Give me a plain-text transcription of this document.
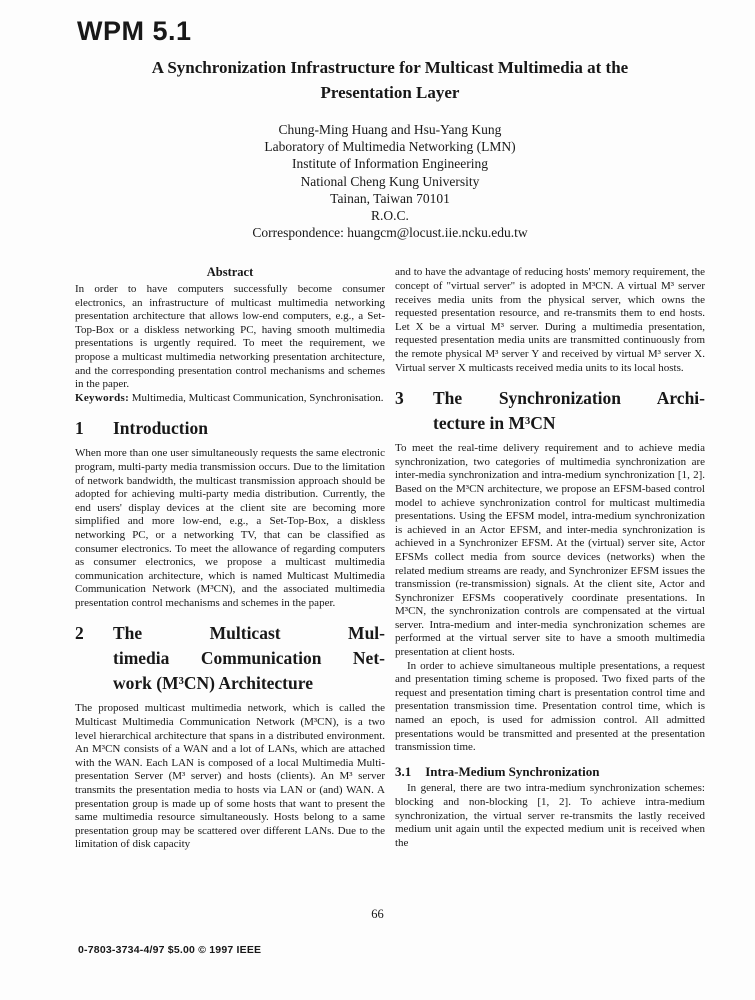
WPM 5.1
A Synchronization Infrastructure for Multicast Multimedia at the
Presentation Layer
Chung-Ming Huang and Hsu-Yang Kung
Laboratory of Multimedia Networking (LMN)
Institute of Information Engineering
National Cheng Kung University
Tainan, Taiwan 70101
R.O.C.
Correspondence: huangcm@locust.iie.ncku.edu.tw
Abstract

In order to have computers successfully become consumer electronics, an infrastructure of multicast multimedia networking presentation architecture that allows low-end computers, e.g., a Set-Top-Box or a diskless networking PC, having smooth multimedia presentations is urgently required. To meet the requirement, we propose a multicast multimedia networking presentation architecture, and the corresponding presentation control mechanisms and schemes in the paper.

Keywords: Multimedia, Multicast Communication, Synchronisation.

1 Introduction

When more than one user simultaneously requests the same electronic program, multi-party media transmission occurs. Due to the limitation of network bandwidth, the multicast transmission approach should be adopted for achieving multi-party media distribution. Currently, the end users' display devices at the client site are becoming more simplified and more low-end, e.g., a Set-Top-Box, a diskless networking PC, or a networking TV, that can be classified as consumer electronics. To meet the allowance of regarding computers as consumer electronics, we propose a multicast multimedia communication architecture, which is named Multicast Multimedia Communication Network (M³CN), and the associated multimedia presentation control mechanisms and schemes in the paper.

2 The Multicast Mul-
timedia Communication Net-
work (M³CN) Architecture

The proposed multicast multimedia network, which is called the Multicast Multimedia Communication Network (M³CN), is a two level hierarchical architecture that spans in a distributed environment. An M³CN consists of a WAN and a lot of LANs, which are attached with the WAN. Each LAN is composed of a local Multimedia Multi-presentation Server (M³ server) and hosts (clients). An M³ server transmits the presentation media to hosts via LAN or (and) WAN. A presentation group is made up of some hosts that want to present the same multimedia resource simultaneously. Hosts belong to a same presentation group may be scattered over different LANs. Due to the limitation of disk capacity

and to have the advantage of reducing hosts' memory requirement, the concept of "virtual server" is adopted in M³CN. A virtual M³ server receives media units from the physical server, which owns the requested presentation resource, and re-transmits them to end hosts. Let X be a virtual M³ server. During a multimedia presentation, requested presentation media units are transmitted continuously from the remote physical M³ server Y and received by virtual M³ server X. Virtual server X multicasts received media units to its local hosts.

3 The Synchronization Archi-
tecture in M³CN

To meet the real-time delivery requirement and to achieve media synchronization, two categories of multimedia synchronization are inter-media synchronization and intra-medium synchronization [1, 2]. Based on the M³CN architecture, we propose an EFSM-based control model to achieve synchronization control for multicast multimedia presentations. Using the EFSM model, intra-medium synchronization is achieved in an Actor EFSM, and inter-media synchronization is achieved in a Synchronizer EFSM. At the (virtual) server site, Actor EFSMs collect media from source devices (networks) when the related medium streams are ready, and Synchronizer EFSM issues the transmission (re-transmission) signals. At the client site, Actor and Synchronizer EFSMs cooperatively coordinate presentations. In M³CN, the synchronization controls are compensated at the virtual server. Intra-medium and inter-media synchronization schemes are performed at the virtual server site to have a smooth multimedia presentation at client hosts.

In order to achieve simultaneous multiple presentations, a request and presentation timing scheme is proposed. Two fixed parts of the request and presentation timing chart is presentation control time and presentation transmission time. Presentation control time, which is named an epoch, is used for admission control. All admitted presentations would be transmitted and presented at the presentation transmission time.

3.1 Intra-Medium Synchronization

In general, there are two intra-medium synchronization schemes: blocking and non-blocking [1, 2]. To achieve intra-medium synchronization, the virtual server re-transmits the lastly received medium unit again until the expected medium unit is received when the

66
0-7803-3734-4/97 $5.00 © 1997 IEEE
